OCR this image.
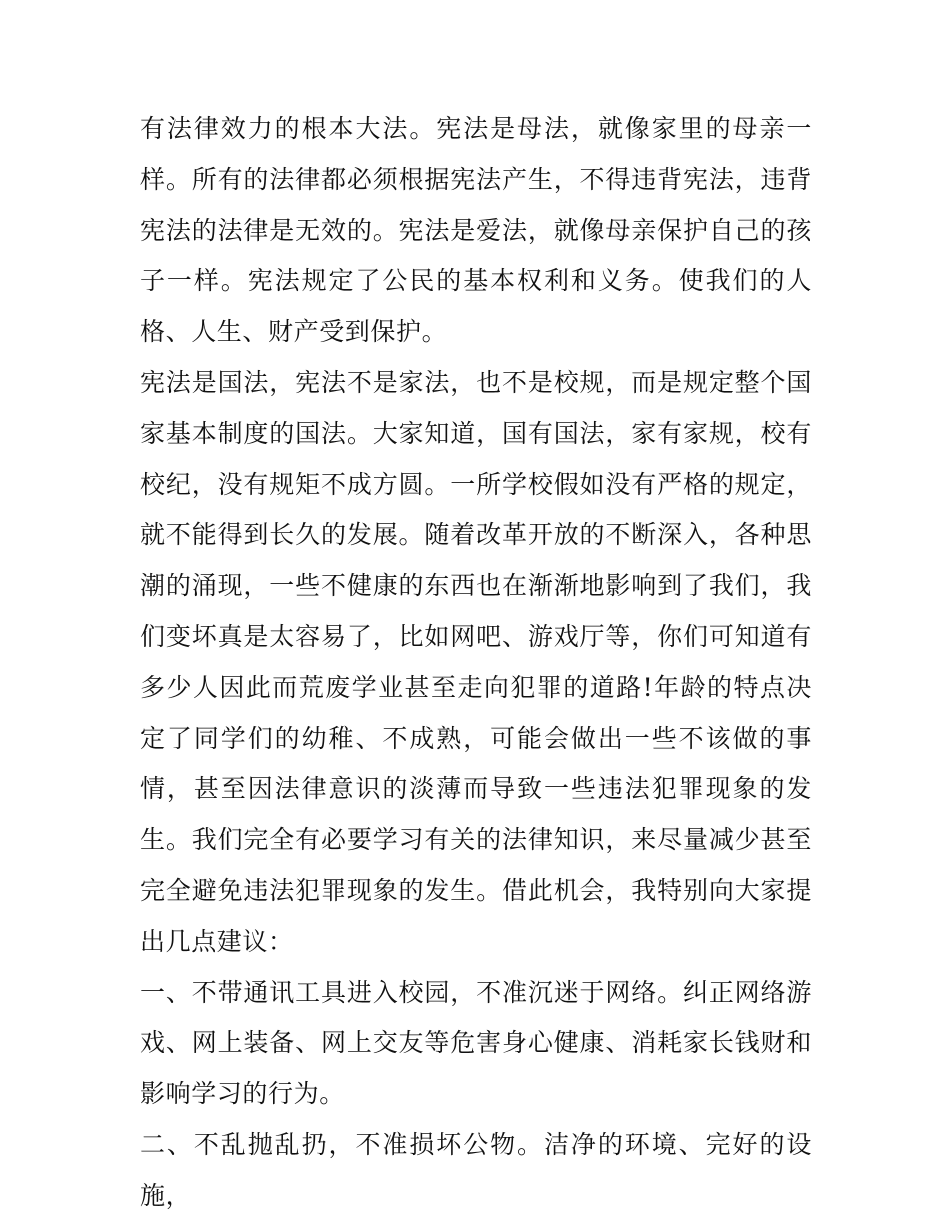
有法律效力的根本大法。宪法是母法，就像家里的母亲一样。所有的法律都必须根据宪法产生，不得违背宪法，违背宪法的法律是无效的。宪法是爱法，就像母亲保护自己的孩子一样。宪法规定了公民的基本权利和义务。使我们的人格、人生、财产受到保护。

宪法是国法，宪法不是家法，也不是校规，而是规定整个国家基本制度的国法。大家知道，国有国法，家有家规，校有校纪，没有规矩不成方圆。一所学校假如没有严格的规定，就不能得到长久的发展。随着改革开放的不断深入，各种思潮的涌现，一些不健康的东西也在渐渐地影响到了我们，我们变坏真是太容易了，比如网吧、游戏厅等，你们可知道有多少人因此而荒废学业甚至走向犯罪的道路!年龄的特点决定了同学们的幼稚、不成熟，可能会做出一些不该做的事情，甚至因法律意识的淡薄而导致一些违法犯罪现象的发生。我们完全有必要学习有关的法律知识，来尽量减少甚至完全避免违法犯罪现象的发生。借此机会，我特别向大家提出几点建议：

一、不带通讯工具进入校园，不准沉迷于网络。纠正网络游戏、网上装备、网上交友等危害身心健康、消耗家长钱财和影响学习的行为。

二、不乱抛乱扔，不准损坏公物。洁净的环境、完好的设施，
